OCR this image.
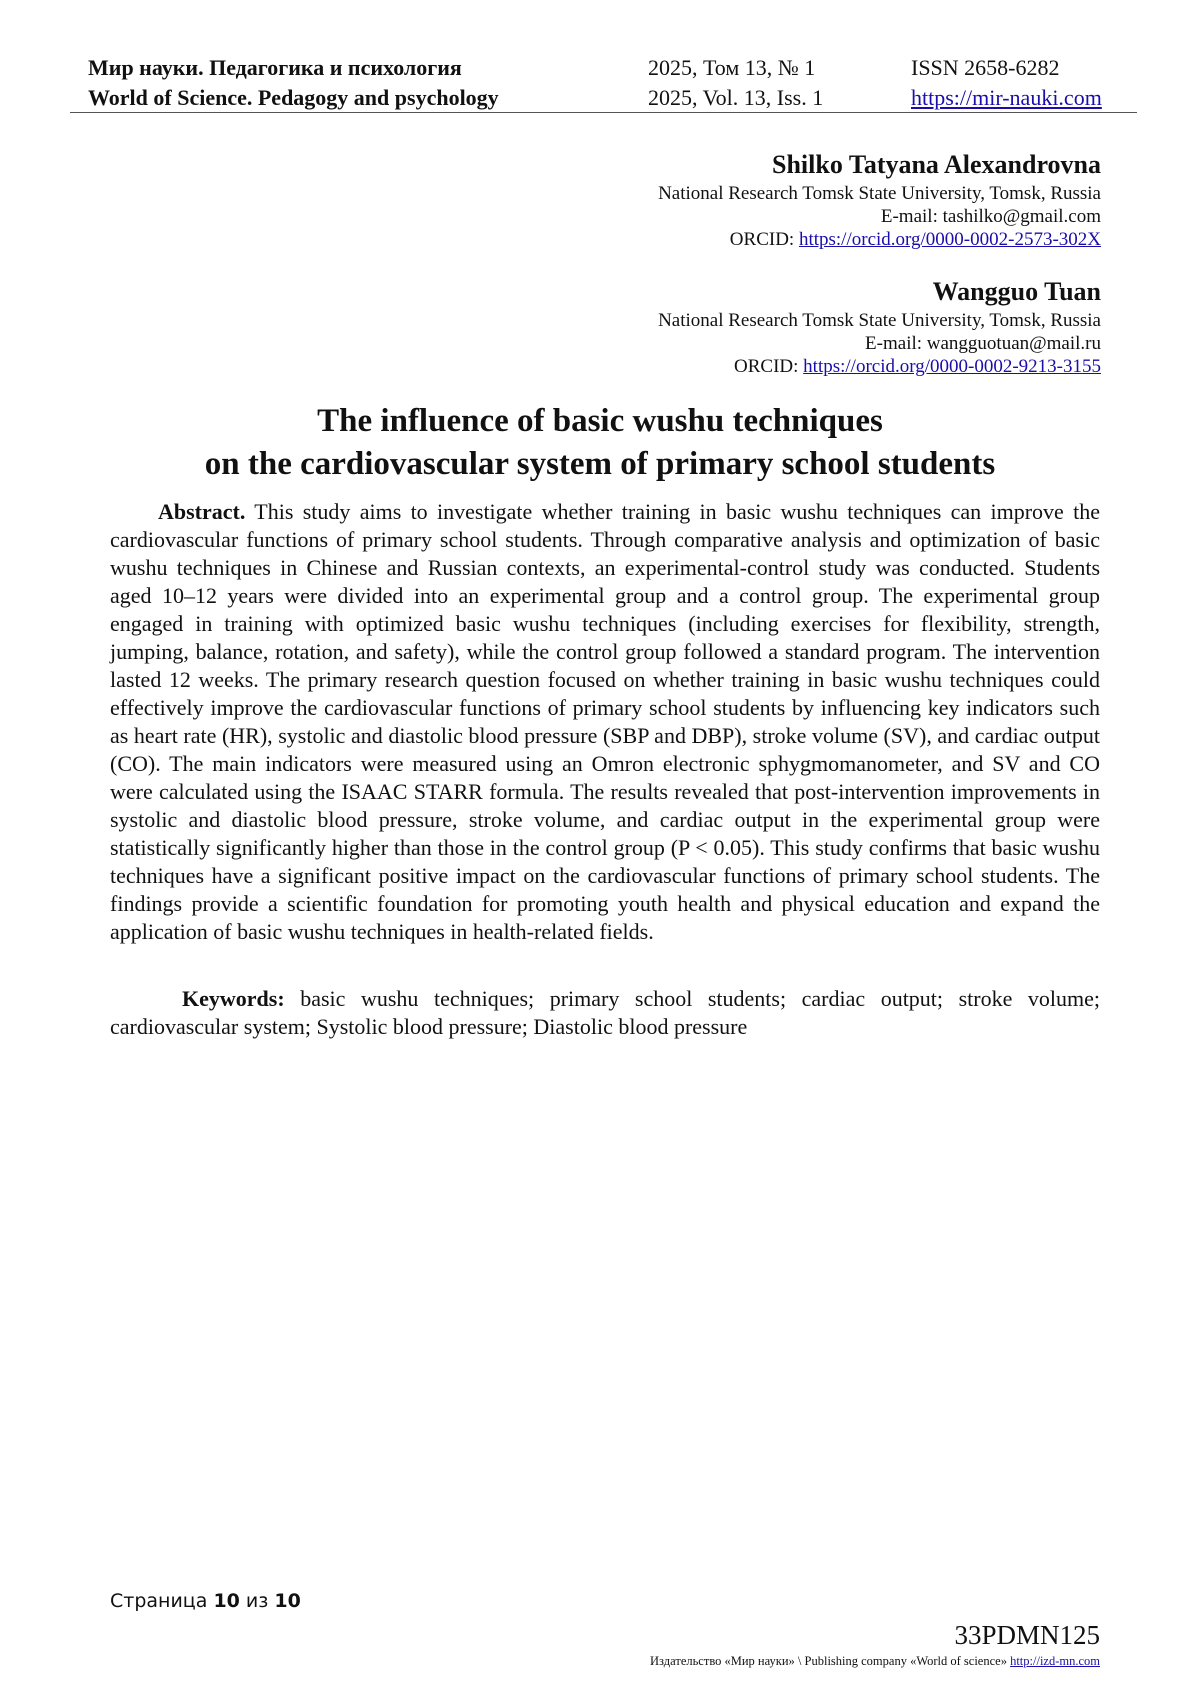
Мир науки. Педагогика и психология	2025, Том 13, № 1	ISSN 2658-6282
World of Science. Pedagogy and psychology	2025, Vol. 13, Iss. 1	https://mir-nauki.com
Shilko Tatyana Alexandrovna
National Research Tomsk State University, Tomsk, Russia
E-mail: tashilko@gmail.com
ORCID: https://orcid.org/0000-0002-2573-302X
Wangguo Tuan
National Research Tomsk State University, Tomsk, Russia
E-mail: wangguotuan@mail.ru
ORCID: https://orcid.org/0000-0002-9213-3155
The influence of basic wushu techniques
on the cardiovascular system of primary school students

Abstract. This study aims to investigate whether training in basic wushu techniques can improve the cardiovascular functions of primary school students. Through comparative analysis and optimization of basic wushu techniques in Chinese and Russian contexts, an experimental-control study was conducted. Students aged 10–12 years were divided into an experimental group and a control group. The experimental group engaged in training with optimized basic wushu techniques (including exercises for flexibility, strength, jumping, balance, rotation, and safety), while the control group followed a standard program. The intervention lasted 12 weeks. The primary research question focused on whether training in basic wushu techniques could effectively improve the cardiovascular functions of primary school students by influencing key indicators such as heart rate (HR), systolic and diastolic blood pressure (SBP and DBP), stroke volume (SV), and cardiac output (CO). The main indicators were measured using an Omron electronic sphygmomanometer, and SV and CO were calculated using the ISAAC STARR formula. The results revealed that post-intervention improvements in systolic and diastolic blood pressure, stroke volume, and cardiac output in the experimental group were statistically significantly higher than those in the control group (P < 0.05). This study confirms that basic wushu techniques have a significant positive impact on the cardiovascular functions of primary school students. The findings provide a scientific foundation for promoting youth health and physical education and expand the application of basic wushu techniques in health-related fields.

Keywords: basic wushu techniques; primary school students; cardiac output; stroke volume; cardiovascular system; Systolic blood pressure; Diastolic blood pressure

Страница 10 из 10
33PDMN125
Издательство «Мир науки» \ Publishing company «World of science» http://izd-mn.com
